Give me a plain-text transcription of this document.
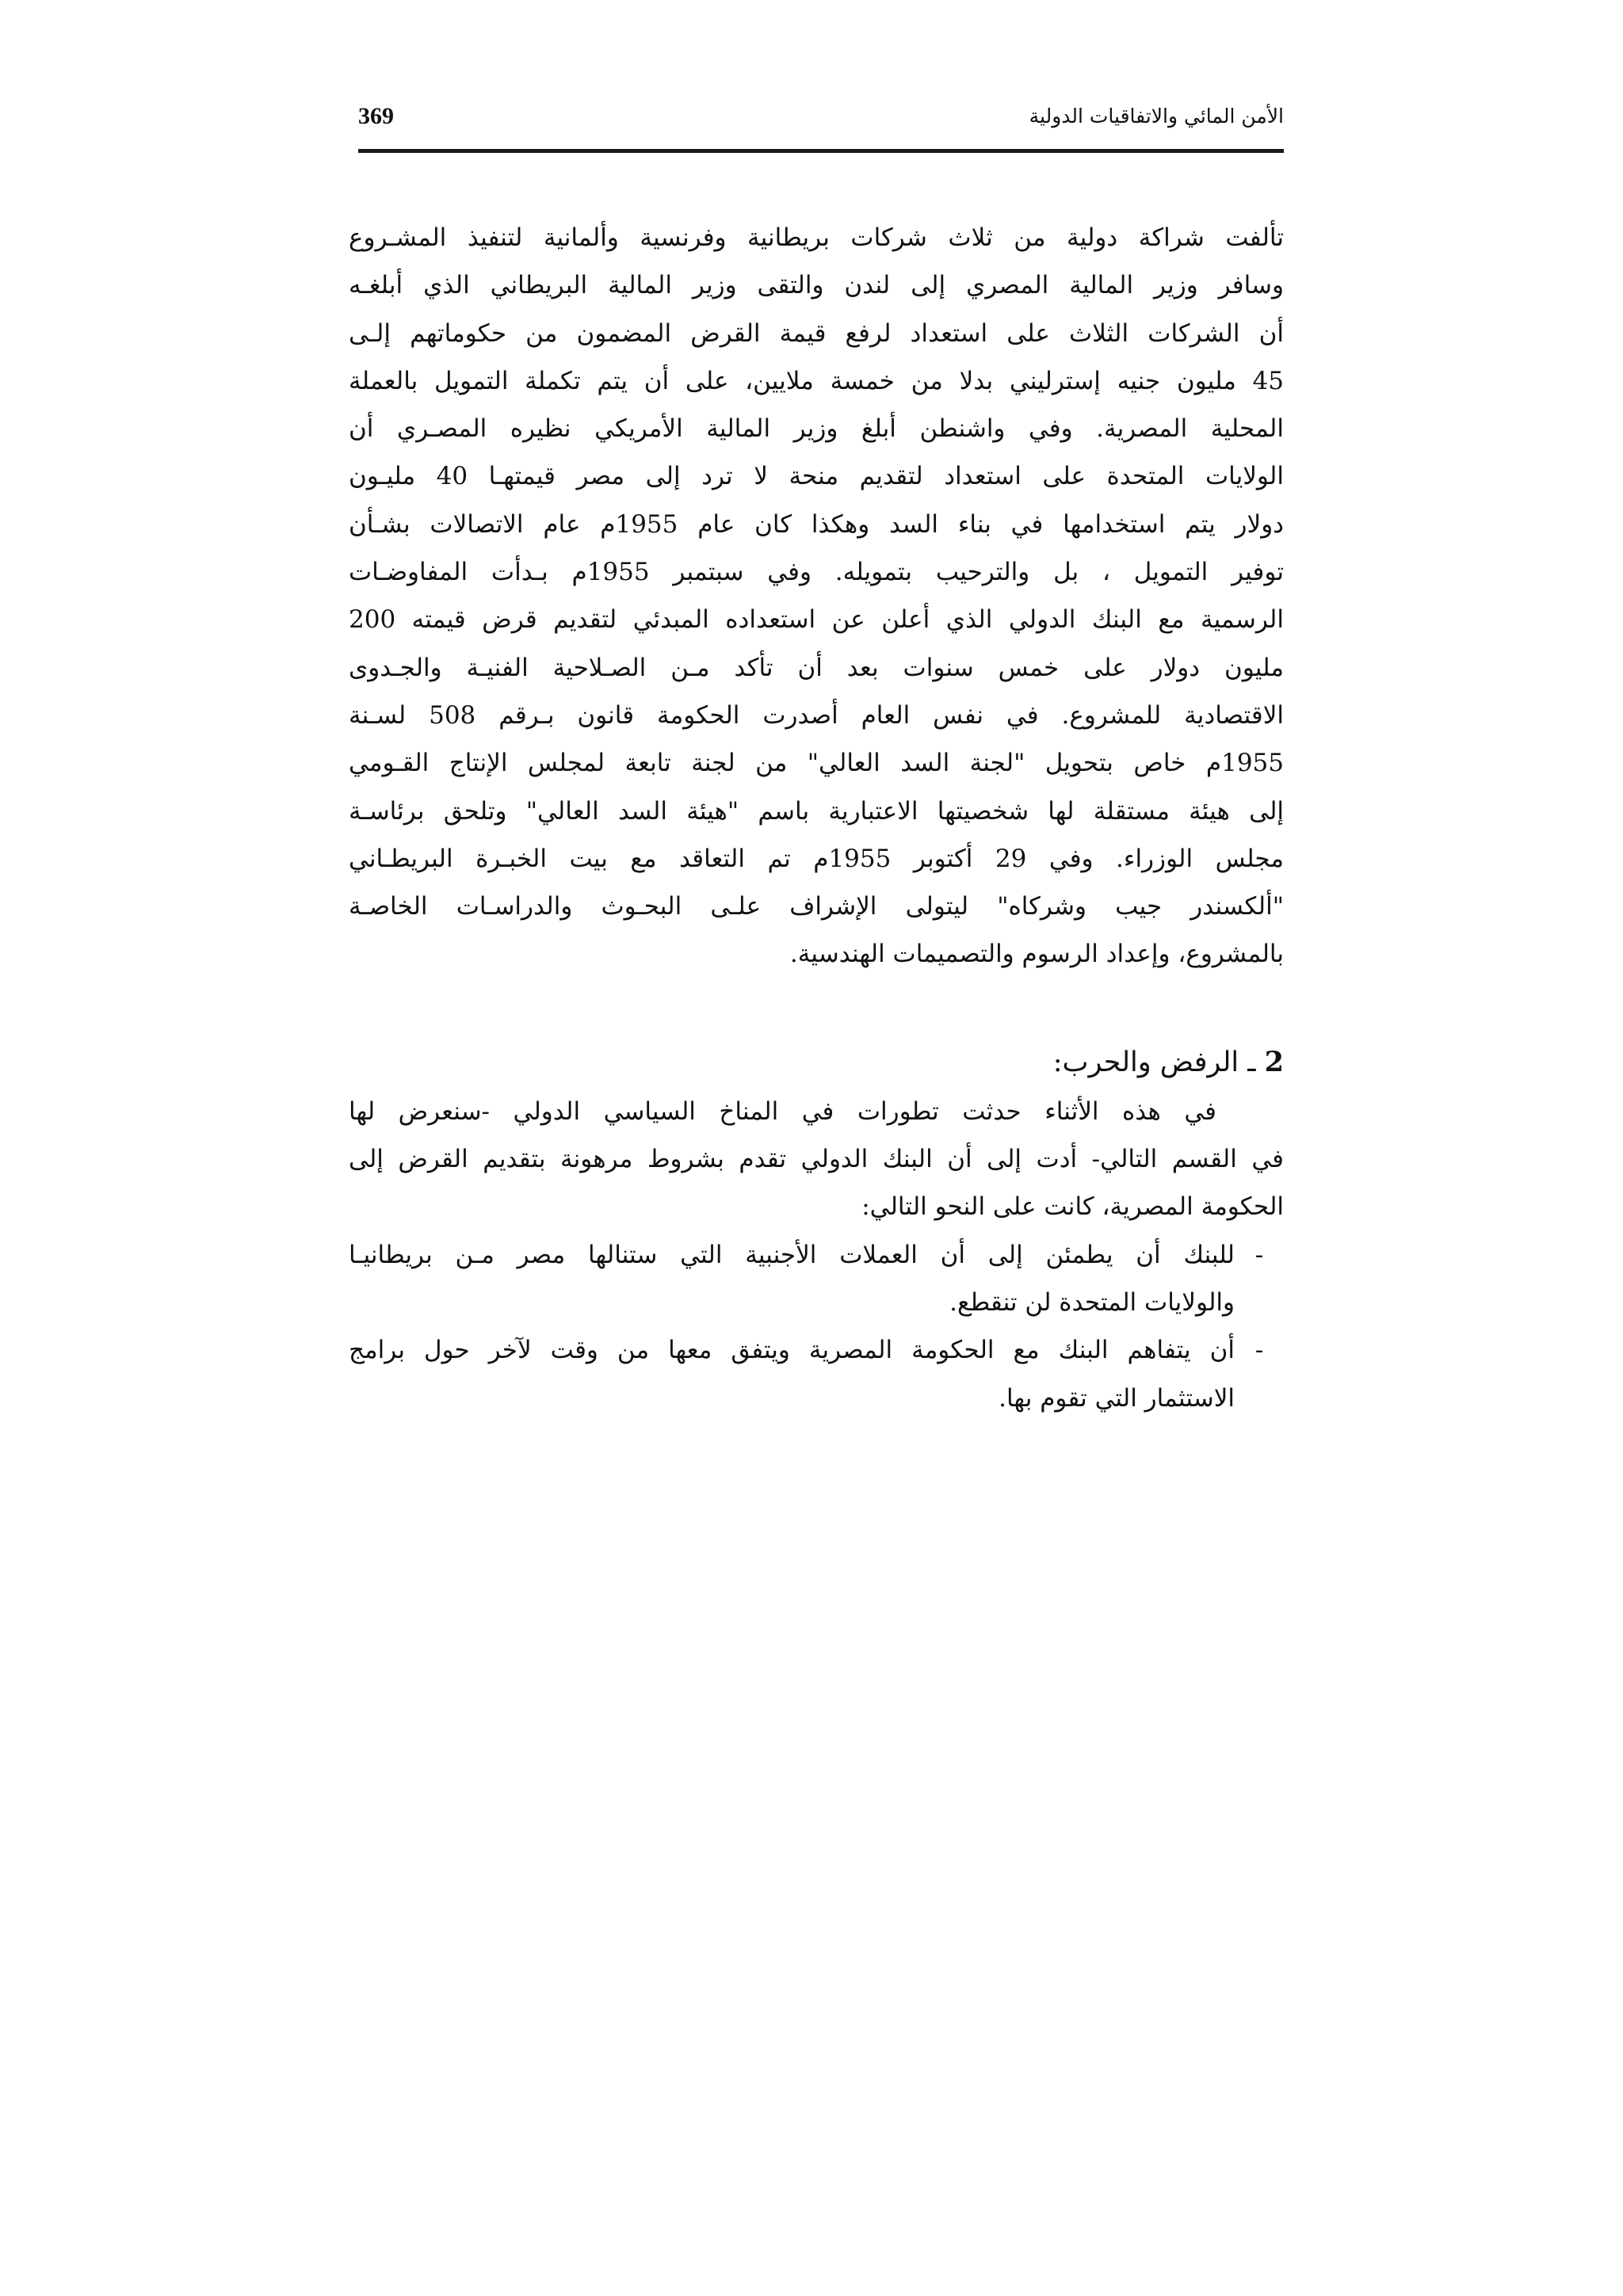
369	الأمن المائي والاتفاقيات الدولية
تألفت شراكة دولية من ثلاث شركات بريطانية وفرنسية وألمانية لتنفيذ المشـروع
وسافر وزير المالية المصري إلى لندن والتقى وزير المالية البريطاني الذي أبلغـه
أن الشركات الثلاث على استعداد لرفع قيمة القرض المضمون من حكوماتهم إلـى
45 مليون جنيه إسترليني بدلا من خمسة ملايين، على أن يتم تكملة التمويل بالعملة
المحلية المصرية. وفي واشنطن أبلغ وزير المالية الأمريكي نظيره المصـري أن
الولايات المتحدة على استعداد لتقديم منحة لا ترد إلى مصر قيمتهـا 40 مليـون
دولار يتم استخدامها في بناء السد وهكذا كان عام 1955م عام الاتصالات بشـأن
توفير التمويل ، بل والترحيب بتمويله. وفي سبتمبر 1955م بـدأت المفاوضـات
الرسمية مع البنك الدولي الذي أعلن عن استعداده المبدئي لتقديم قرض قيمته 200
مليون دولار على خمس سنوات بعد أن تأكد مـن الصـلاحية الفنيـة والجـدوى
الاقتصادية للمشروع. في نفس العام أصدرت الحكومة قانون بـرقم 508 لسـنة
1955م خاص بتحويل "لجنة السد العالي" من لجنة تابعة لمجلس الإنتاج القـومي
إلى هيئة مستقلة لها شخصيتها الاعتبارية باسم "هيئة السد العالي" وتلحق برئاسـة
مجلس الوزراء. وفي 29 أكتوبر 1955م تم التعاقد مع بيت الخبـرة البريطـاني
"ألكسندر جيب وشركاه" ليتولى الإشراف علـى البحـوث والدراسـات الخاصـة
بالمشروع، وإعداد الرسوم والتصميمات الهندسية.
2 ـ الرفض والحرب:
في هذه الأثناء حدثت تطورات في المناخ السياسي الدولي -سنعرض لها
في القسم التالي- أدت إلى أن البنك الدولي تقدم بشروط مرهونة بتقديم القرض إلى
الحكومة المصرية، كانت على النحو التالي:
-
للبنك أن يطمئن إلى أن العملات الأجنبية التي ستنالها مصر مـن بريطانيـا
والولايات المتحدة لن تنقطع.
-
أن يتفاهم البنك مع الحكومة المصرية ويتفق معها من وقت لآخر حول برامج
الاستثمار التي تقوم بها.
